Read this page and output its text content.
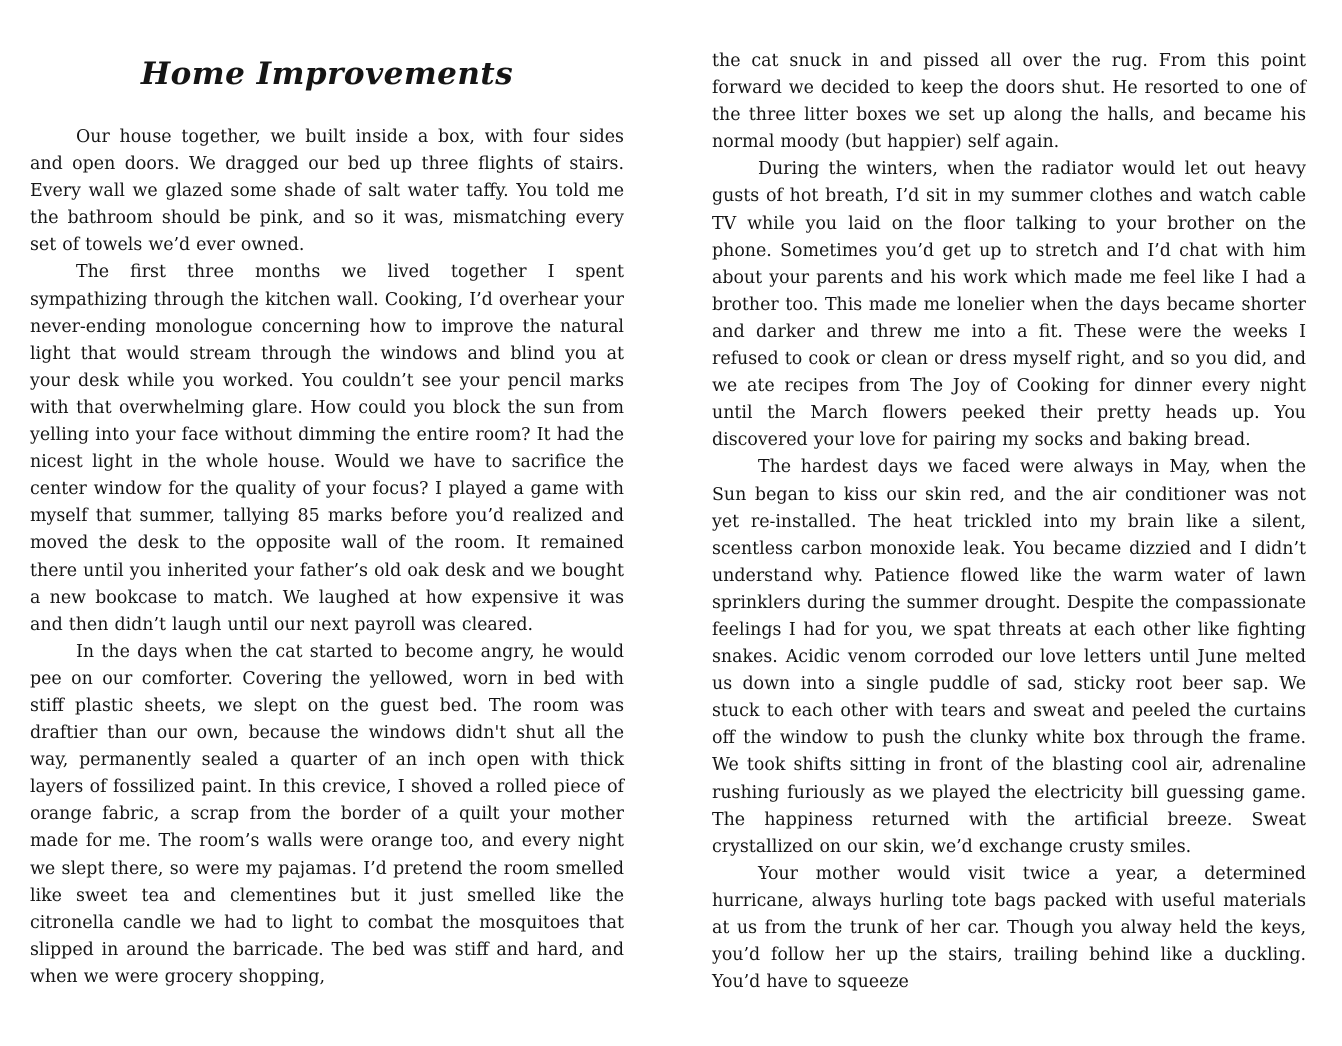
Home Improvements

Our house together, we built inside a box, with four sides and open doors. We dragged our bed up three flights of stairs. Every wall we glazed some shade of salt water taffy. You told me the bathroom should be pink, and so it was, mismatching every set of towels we’d ever owned.

The first three months we lived together I spent sympathizing through the kitchen wall. Cooking, I’d overhear your never-ending monologue concerning how to improve the natural light that would stream through the windows and blind you at your desk while you worked. You couldn’t see your pencil marks with that overwhelming glare. How could you block the sun from yelling into your face without dimming the entire room? It had the nicest light in the whole house. Would we have to sacrifice the center window for the quality of your focus? I played a game with myself that summer, tallying 85 marks before you’d realized and moved the desk to the opposite wall of the room. It remained there until you inherited your father’s old oak desk and we bought a new bookcase to match. We laughed at how expensive it was and then didn’t laugh until our next payroll was cleared.

In the days when the cat started to become angry, he would pee on our comforter. Covering the yellowed, worn in bed with stiff plastic sheets, we slept on the guest bed. The room was draftier than our own, because the windows didn't shut all the way, permanently sealed a quarter of an inch open with thick layers of fossilized paint. In this crevice, I shoved a rolled piece of orange fabric, a scrap from the border of a quilt your mother made for me. The room’s walls were orange too, and every night we slept there, so were my pajamas. I’d pretend the room smelled like sweet tea and clementines but it just smelled like the citronella candle we had to light to combat the mosquitoes that slipped in around the barricade. The bed was stiff and hard, and when we were grocery shopping,

the cat snuck in and pissed all over the rug. From this point forward we decided to keep the doors shut. He resorted to one of the three litter boxes we set up along the halls, and became his normal moody (but happier) self again.

During the winters, when the radiator would let out heavy gusts of hot breath, I’d sit in my summer clothes and watch cable TV while you laid on the floor talking to your brother on the phone. Sometimes you’d get up to stretch and I’d chat with him about your parents and his work which made me feel like I had a brother too. This made me lonelier when the days became shorter and darker and threw me into a fit. These were the weeks I refused to cook or clean or dress myself right, and so you did, and we ate recipes from The Joy of Cooking for dinner every night until the March flowers peeked their pretty heads up. You discovered your love for pairing my socks and baking bread.

The hardest days we faced were always in May, when the Sun began to kiss our skin red, and the air conditioner was not yet re-installed. The heat trickled into my brain like a silent, scentless carbon monoxide leak. You became dizzied and I didn’t understand why. Patience flowed like the warm water of lawn sprinklers during the summer drought. Despite the compassionate feelings I had for you, we spat threats at each other like fighting snakes. Acidic venom corroded our love letters until June melted us down into a single puddle of sad, sticky root beer sap. We stuck to each other with tears and sweat and peeled the curtains off the window to push the clunky white box through the frame. We took shifts sitting in front of the blasting cool air, adrenaline rushing furiously as we played the electricity bill guessing game. The happiness returned with the artificial breeze. Sweat crystallized on our skin, we’d exchange crusty smiles.

Your mother would visit twice a year, a determined hurricane, always hurling tote bags packed with useful materials at us from the trunk of her car. Though you alway held the keys, you’d follow her up the stairs, trailing behind like a duckling. You’d have to squeeze
